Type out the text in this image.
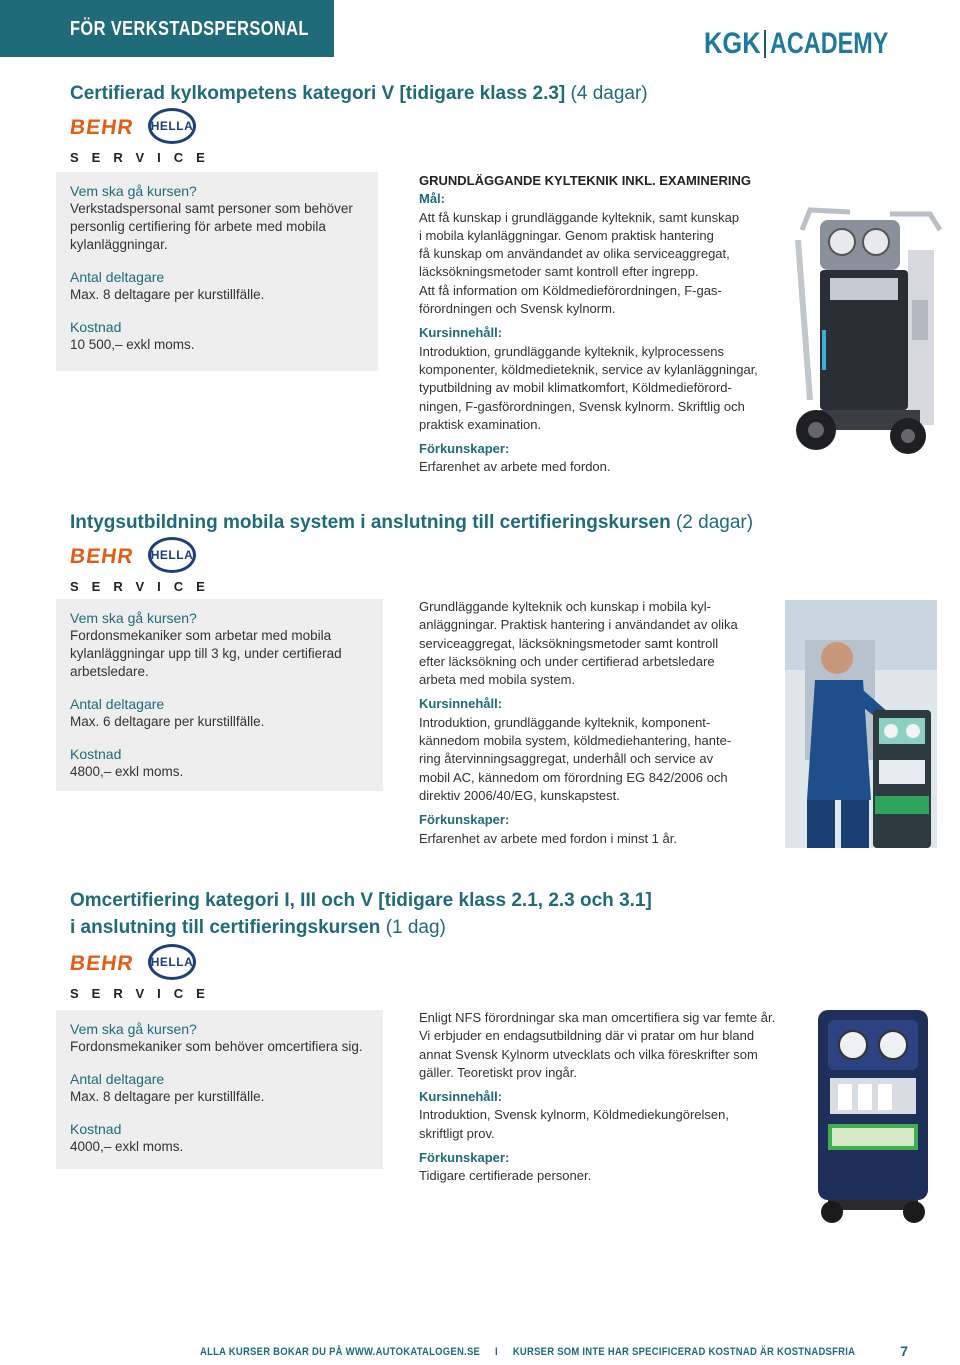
FÖR VERKSTADSPERSONAL	KGK ACADEMY
Certifierad kylkompetens kategori V [tidigare klass 2.3] (4 dagar)
BEHR HELLA
SERVICE
Vem ska gå kursen?
Verkstadspersonal samt personer som behöver
personlig certifiering för arbete med mobila
kylanläggningar.
Antal deltagare
Max. 8 deltagare per kurstillfälle.
Kostnad
10 500,– exkl moms.

GRUNDLÄGGANDE KYLTEKNIK INKL. EXAMINERING

Mål:

Att få kunskap i grundläggande kylteknik, samt kunskap

i mobila kylanläggningar. Genom praktisk hantering

få kunskap om användandet av olika serviceaggregat,

läcksökningsmetoder samt kontroll efter ingrepp.

Att få information om Köldmedieförordningen, F-gas-

förordningen och Svensk kylnorm.

Kursinnehåll:

Introduktion, grundläggande kylteknik, kylprocessens

komponenter, köldmedieteknik, service av kylanläggningar,

typutbildning av mobil klimatkomfort, Köldmedieförord-

ningen, F-gasförordningen, Svensk kylnorm. Skriftlig och

praktisk examination.

Förkunskaper:

Erfarenhet av arbete med fordon.

Intygsutbildning mobila system i anslutning till certifieringskursen (2 dagar)
BEHR HELLA
SERVICE
Vem ska gå kursen?
Fordonsmekaniker som arbetar med mobila
kylanläggningar upp till 3 kg, under certifierad
arbetsledare.
Antal deltagare
Max. 6 deltagare per kurstillfälle.
Kostnad
4800,– exkl moms.

Grundläggande kylteknik och kunskap i mobila kyl-

anläggningar. Praktisk hantering i användandet av olika

serviceaggregat, läcksökningsmetoder samt kontroll

efter läcksökning och under certifierad arbetsledare

arbeta med mobila system.

Kursinnehåll:

Introduktion, grundläggande kylteknik, komponent-

kännedom mobila system, köldmediehantering, hante-

ring återvinningsaggregat, underhåll och service av

mobil AC, kännedom om förordning EG 842/2006 och

direktiv 2006/40/EG, kunskapstest.

Förkunskaper:

Erfarenhet av arbete med fordon i minst 1 år.

Omcertifiering kategori I, III och V [tidigare klass 2.1, 2.3 och 3.1]
i anslutning till certifieringskursen (1 dag)
BEHR HELLA
SERVICE
Vem ska gå kursen?
Fordonsmekaniker som behöver omcertifiera sig.
Antal deltagare
Max. 8 deltagare per kurstillfälle.
Kostnad
4000,– exkl moms.

Enligt NFS förordningar ska man omcertifiera sig var femte år.

Vi erbjuder en endagsutbildning där vi pratar om hur bland

annat Svensk Kylnorm utvecklats och vilka föreskrifter som

gäller. Teoretiskt prov ingår.

Kursinnehåll:

Introduktion, Svensk kylnorm, Köldmediekungörelsen,

skriftligt prov.

Förkunskaper:

Tidigare certifierade personer.

ALLA KURSER BOKAR DU PÅ WWW.AUTOKATALOGEN.SE I KURSER SOM INTE HAR SPECIFICERAD KOSTNAD ÄR KOSTNADSFRIA	7
